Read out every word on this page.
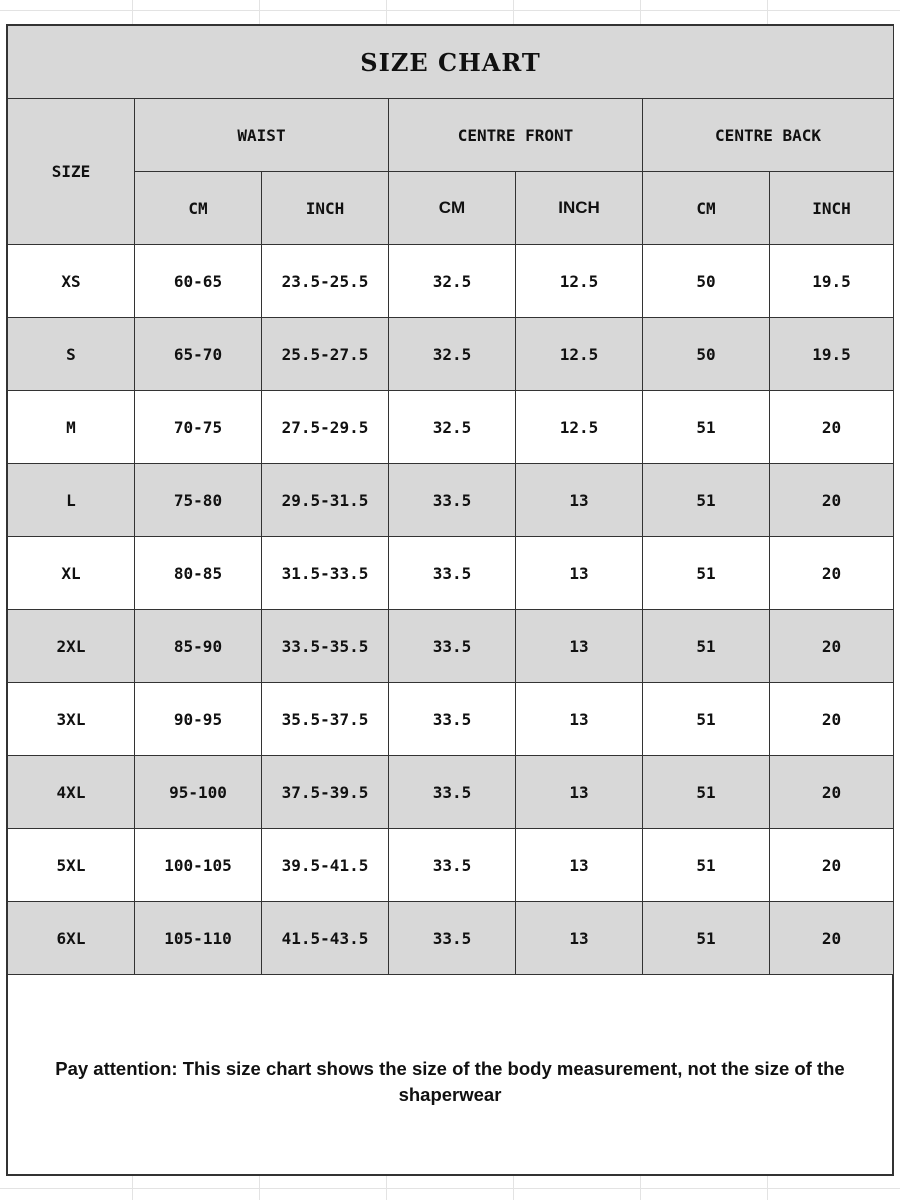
SIZE CHART						
SIZE	WAIST		CENTRE FRONT		CENTRE BACK	
	CM	INCH	CM	INCH	CM	INCH
XS	60-65	23.5-25.5	32.5	12.5	50	19.5
S	65-70	25.5-27.5	32.5	12.5	50	19.5
M	70-75	27.5-29.5	32.5	12.5	51	20
L	75-80	29.5-31.5	33.5	13	51	20
XL	80-85	31.5-33.5	33.5	13	51	20
2XL	85-90	33.5-35.5	33.5	13	51	20
3XL	90-95	35.5-37.5	33.5	13	51	20
4XL	95-100	37.5-39.5	33.5	13	51	20
5XL	100-105	39.5-41.5	33.5	13	51	20
6XL	105-110	41.5-43.5	33.5	13	51	20
Pay attention: This size chart shows the size of the body measurement, not the size of the
shaperwear
